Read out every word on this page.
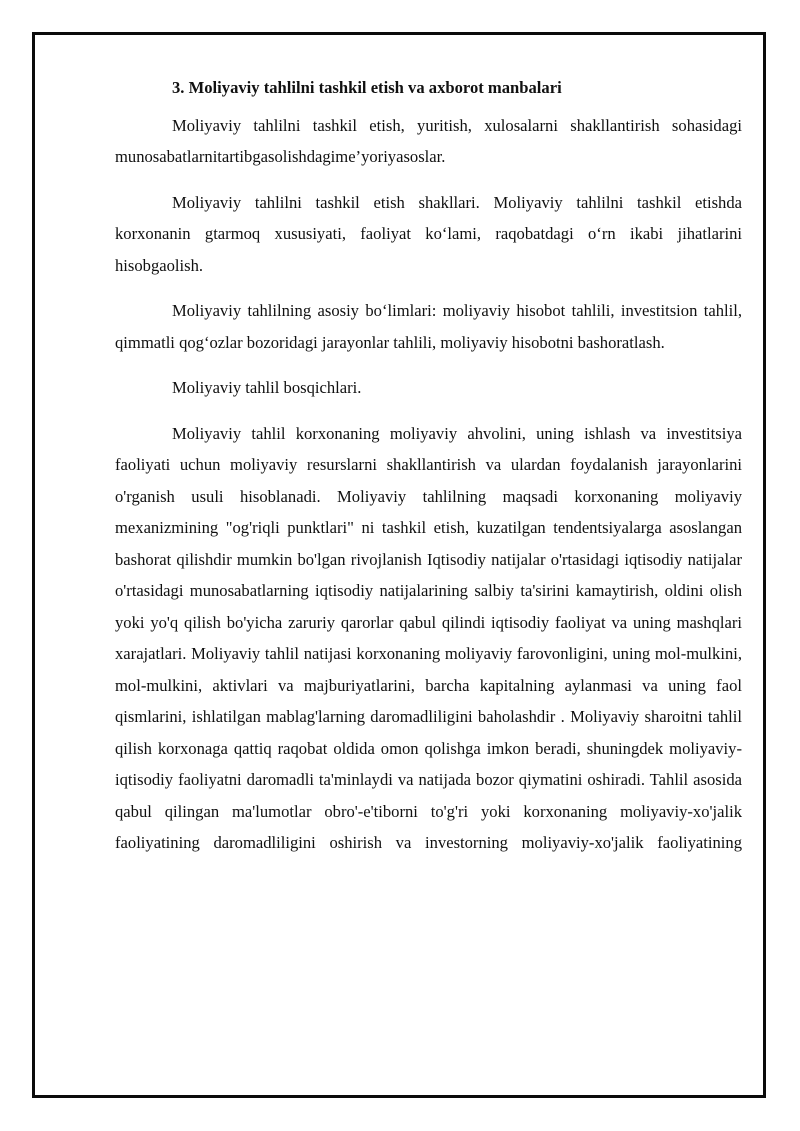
3. Moliyaviy tahlilni tashkil etish va axborot manbalari

Moliyaviy tahlilni tashkil etish, yuritish, xulosalarni shakllantirish sohasidagi munosabatlarnitartibgasolishdagime’yoriyasoslar.

Moliyaviy tahlilni tashkil etish shakllari. Moliyaviy tahlilni tashkil etishda korxonanin gtarmoq xususiyati, faoliyat ko‘lami, raqobatdagi o‘rn ikabi jihatlarini hisobgaolish.

Moliyaviy tahlilning asosiy bo‘limlari: moliyaviy hisobot tahlili, investitsion tahlil, qimmatli qog‘ozlar bozoridagi jarayonlar tahlili, moliyaviy hisobotni bashoratlash.

Moliyaviy tahlil bosqichlari.

Moliyaviy tahlil korxonaning moliyaviy ahvolini, uning ishlash va investitsiya faoliyati uchun moliyaviy resurslarni shakllantirish va ulardan foydalanish jarayonlarini o'rganish usuli hisoblanadi. Moliyaviy tahlilning maqsadi korxonaning moliyaviy mexanizmining "og'riqli punktlari" ni tashkil etish, kuzatilgan tendentsiyalarga asoslangan bashorat qilishdir mumkin bo'lgan rivojlanish Iqtisodiy natijalar o'rtasidagi iqtisodiy natijalar o'rtasidagi munosabatlarning iqtisodiy natijalarining salbiy ta'sirini kamaytirish, oldini olish yoki yo'q qilish bo'yicha zaruriy qarorlar qabul qilindi iqtisodiy faoliyat va uning mashqlari xarajatlari. Moliyaviy tahlil natijasi korxonaning moliyaviy farovonligini, uning mol-mulkini, mol-mulkini, aktivlari va majburiyatlarini, barcha kapitalning aylanmasi va uning faol qismlarini, ishlatilgan mablag'larning daromadliligini baholashdir . Moliyaviy sharoitni tahlil qilish korxonaga qattiq raqobat oldida omon qolishga imkon beradi, shuningdek moliyaviy-iqtisodiy faoliyatni daromadli ta'minlaydi va natijada bozor qiymatini oshiradi. Tahlil asosida qabul qilingan ma'lumotlar obro'-e'tiborni to'g'ri yoki korxonaning moliyaviy-xo'jalik faoliyatining daromadliligini oshirish va investorning moliyaviy-xo'jalik faoliyatining
